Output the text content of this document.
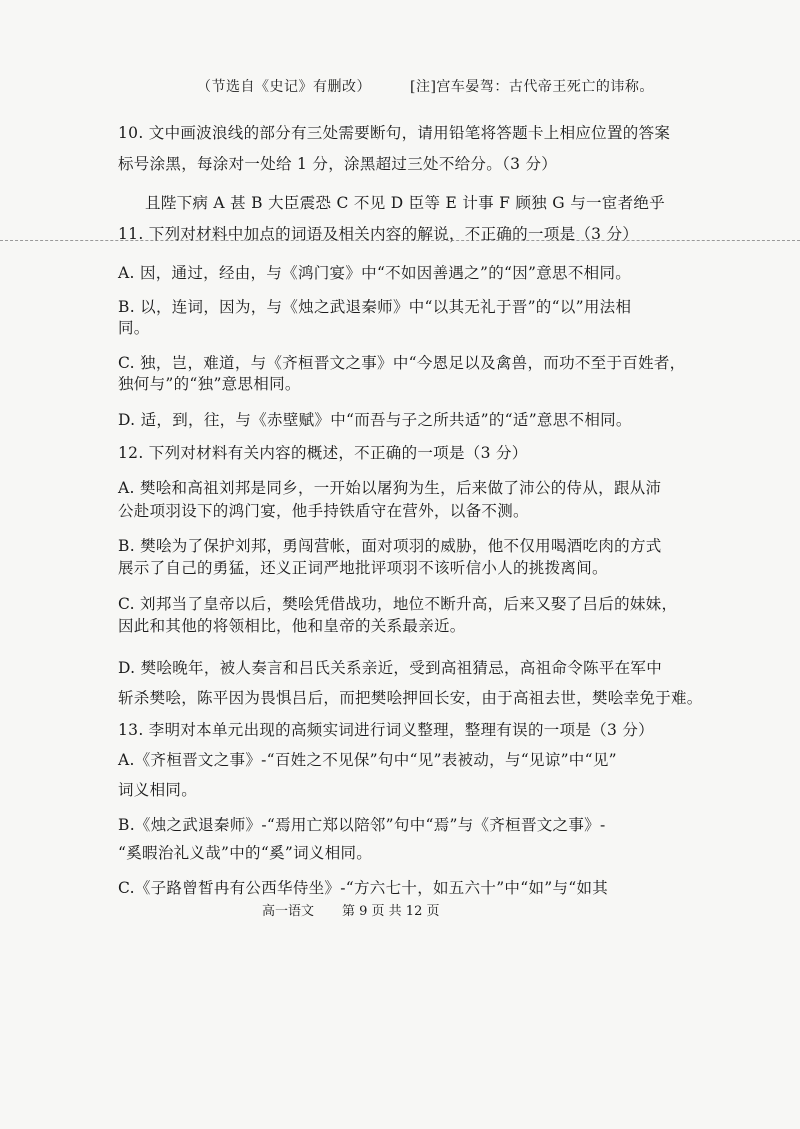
（节选自《史记》有删改）	[注]宫车晏驾：古代帝王死亡的讳称。
10. 文中画波浪线的部分有三处需要断句，请用铅笔将答题卡上相应位置的答案
标号涂黑，每涂对一处给 1 分，涂黑超过三处不给分。（3 分）
且陛下病 A 甚 B 大臣震恐 C 不见 D 臣等 E 计事 F 顾独 G 与一宦者绝乎
11. 下列对材料中加点的词语及相关内容的解说，不正确的一项是（3 分）
A. 因，通过，经由，与《鸿门宴》中“不如因善遇之”的“因”意思不相同。
B. 以，连词，因为，与《烛之武退秦师》中“以其无礼于晋”的“以”用法相
同。
C. 独，岂，难道，与《齐桓晋文之事》中“今恩足以及禽兽，而功不至于百姓者，
独何与”的“独”意思相同。
D. 适，到，往，与《赤壁赋》中“而吾与子之所共适”的“适”意思不相同。
12. 下列对材料有关内容的概述，不正确的一项是（3 分）
A. 樊哙和高祖刘邦是同乡，一开始以屠狗为生，后来做了沛公的侍从，跟从沛
公赴项羽设下的鸿门宴，他手持铁盾守在营外，以备不测。
B. 樊哙为了保护刘邦，勇闯营帐，面对项羽的威胁，他不仅用喝酒吃肉的方式
展示了自己的勇猛，还义正词严地批评项羽不该听信小人的挑拨离间。
C. 刘邦当了皇帝以后，樊哙凭借战功，地位不断升高，后来又娶了吕后的妹妹，
因此和其他的将领相比，他和皇帝的关系最亲近。
D. 樊哙晚年，被人奏言和吕氏关系亲近，受到高祖猜忌，高祖命令陈平在军中
斩杀樊哙，陈平因为畏惧吕后，而把樊哙押回长安，由于高祖去世，樊哙幸免于难。
13. 李明对本单元出现的高频实词进行词义整理，整理有误的一项是（3 分）
A.《齐桓晋文之事》-“百姓之不见保”句中“见”表被动，与“见谅”中“见”
词义相同。
B.《烛之武退秦师》-“焉用亡郑以陪邻”句中“焉”与《齐桓晋文之事》-
“奚暇治礼义哉”中的“奚”词义相同。
C.《子路曾皙冉有公西华侍坐》-“方六七十，如五六十”中“如”与“如其
高一语文 第 9 页 共 12 页
